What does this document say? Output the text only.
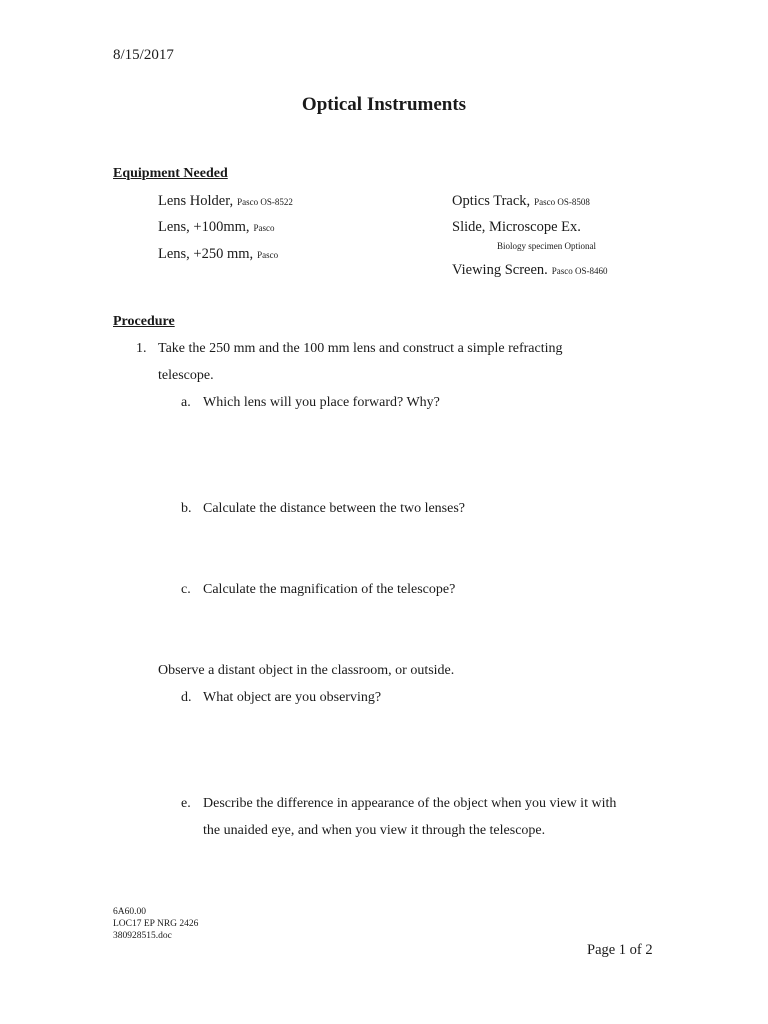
8/15/2017
Optical Instruments
Equipment Needed
Lens Holder, Pasco OS-8522
Lens, +100mm, Pasco
Lens, +250 mm, Pasco
Optics Track, Pasco OS-8508
Slide, Microscope Ex.
Biology specimen Optional
Viewing Screen. Pasco OS-8460
Procedure
1. Take the 250 mm and the 100 mm lens and construct a simple refracting
telescope.
a. Which lens will you place forward? Why?
b. Calculate the distance between the two lenses?
c. Calculate the magnification of the telescope?
Observe a distant object in the classroom, or outside.
d. What object are you observing?
e. Describe the difference in appearance of the object when you view it with
the unaided eye, and when you view it through the telescope.
6A60.00
LOC17 EP NRG 2426
380928515.doc
Page 1 of 2
